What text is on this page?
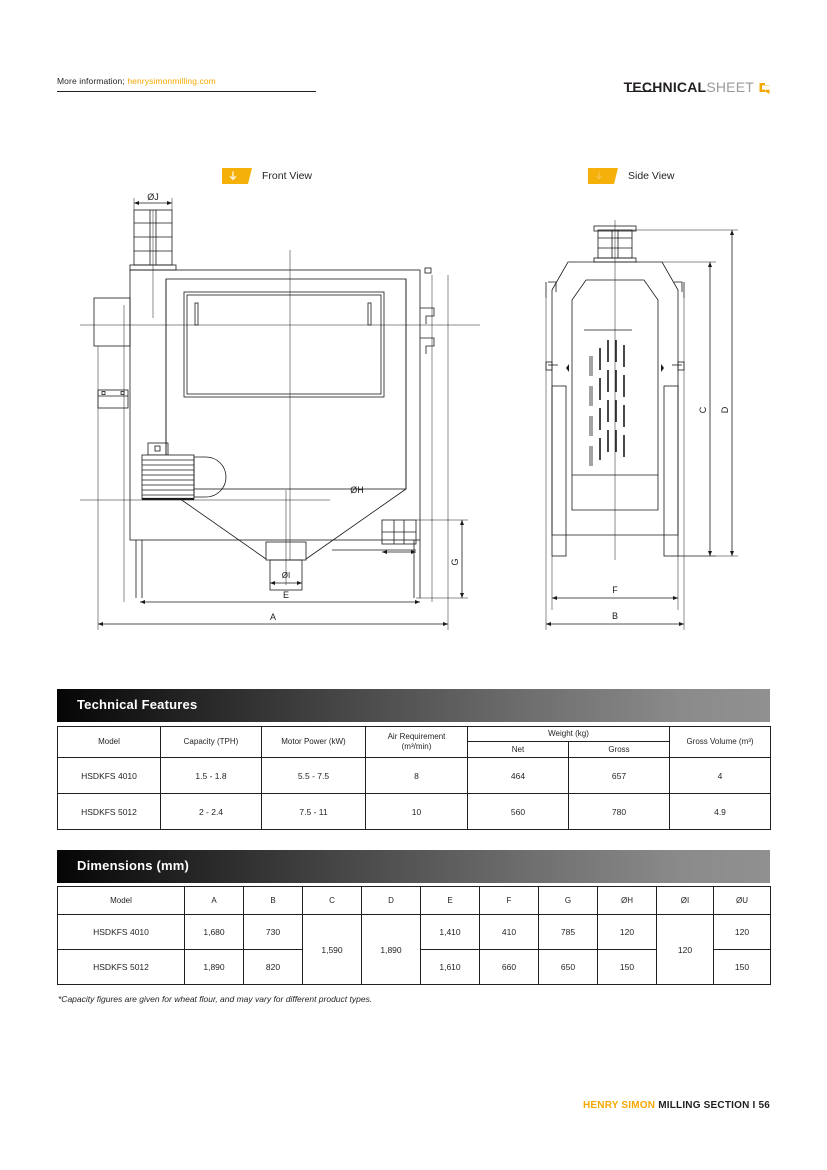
More information; henrysimonmilling.com	TECHNICAL SHEET
Front View	Side View
ØJ
ØH
ØI
E
A
G
F
B
C D
Technical Features
Model	Capacity (TPH)	Motor Power (kW)	Air Requirement
(m³/min)	Weight (kg)		Gross Volume (m³)
				Net	Gross	
HSDKFS 4010	1.5 - 1.8	5.5 - 7.5	8	464	657	4
HSDKFS 5012	2 - 2.4	7.5 - 11	10	560	780	4.9
Dimensions (mm)
Model	A	B	C	D	E	F	G	ØH	ØI	ØU
HSDKFS 4010	1,680	730	1,590	1,890	1,410	410	785	120	120	120
HSDKFS 5012	1,890	820			1,610	660	650	150		150
*Capacity figures are given for wheat flour, and may vary for different product types.
HENRY SIMON MILLING SECTION I 56
